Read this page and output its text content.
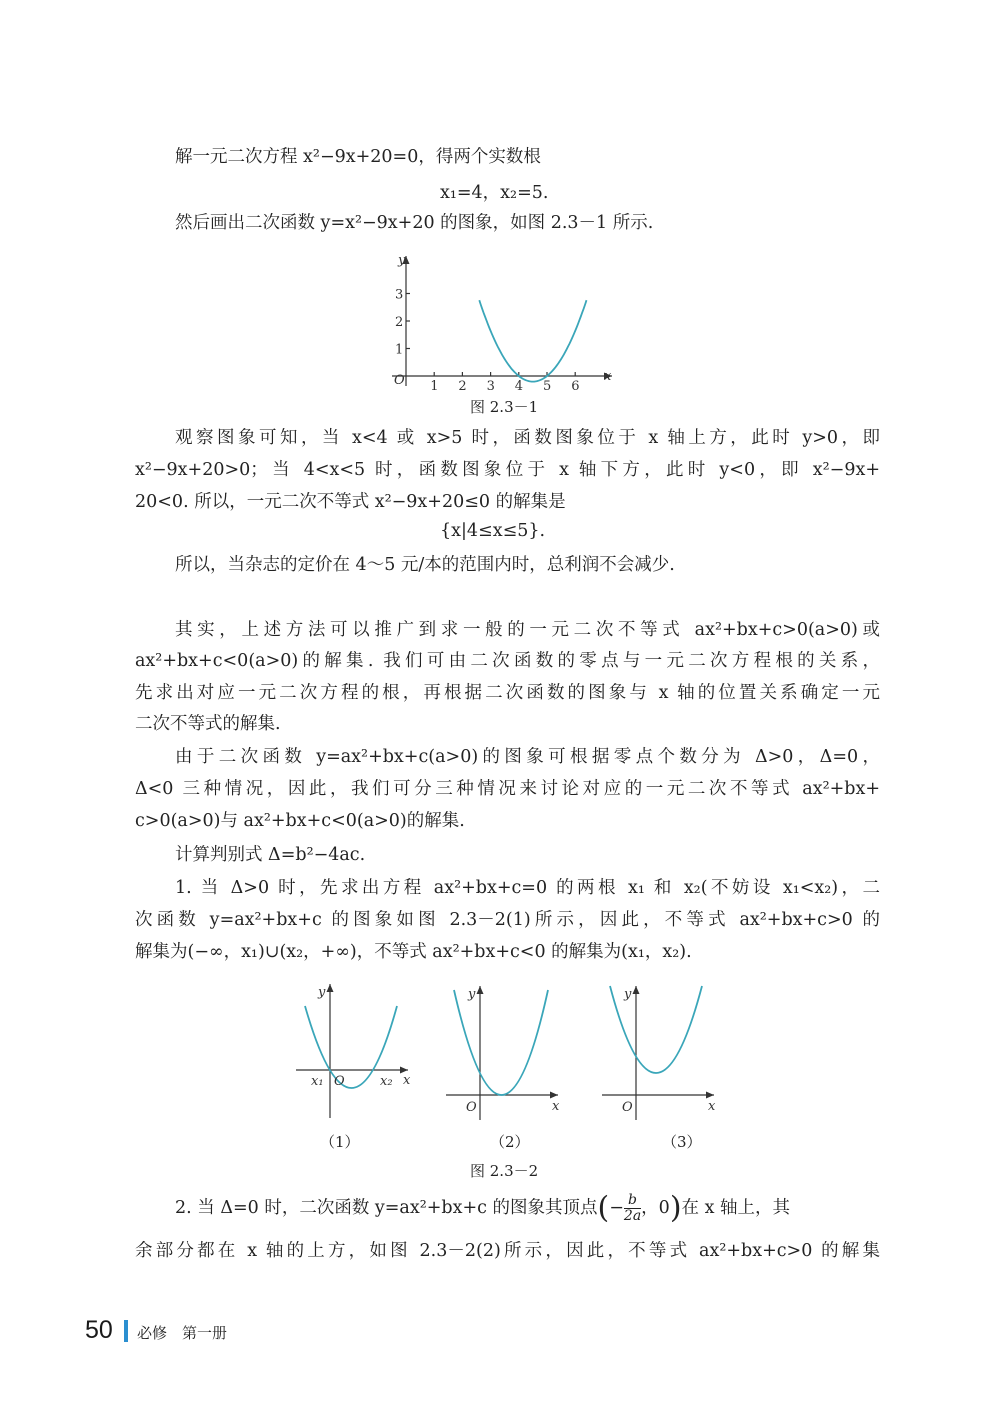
解一元二次方程 x²−9x+20=0，得两个实数根
x₁=4，x₂=5.
然后画出二次函数 y=x²−9x+20 的图象，如图 2.3－1 所示.
1 2 3 4 5 6
1
2
3
y
x
O
图 2.3－1
观察图象可知，当 x<4 或 x>5 时，函数图象位于 x 轴上方，此时 y>0，即
x²−9x+20>0；当 4<x<5 时，函数图象位于 x 轴下方，此时 y<0，即 x²−9x+
20<0. 所以，一元二次不等式 x²−9x+20≤0 的解集是
{x|4≤x≤5}.
所以，当杂志的定价在 4～5 元/本的范围内时，总利润不会减少.
其实，上述方法可以推广到求一般的一元二次不等式 ax²+bx+c>0(a>0)或
ax²+bx+c<0(a>0)的解集. 我们可由二次函数的零点与一元二次方程根的关系，
先求出对应一元二次方程的根，再根据二次函数的图象与 x 轴的位置关系确定一元
二次不等式的解集.
由于二次函数 y=ax²+bx+c(a>0)的图象可根据零点个数分为 Δ>0，Δ=0，
Δ<0 三种情况，因此，我们可分三种情况来讨论对应的一元二次不等式 ax²+bx+
c>0(a>0)与 ax²+bx+c<0(a>0)的解集.
计算判别式 Δ=b²−4ac.
1. 当 Δ>0 时，先求出方程 ax²+bx+c=0 的两根 x₁ 和 x₂(不妨设 x₁<x₂)，二
次函数 y=ax²+bx+c 的图象如图 2.3－2(1)所示，因此，不等式 ax²+bx+c>0 的
解集为(−∞，x₁)∪(x₂，+∞)，不等式 ax²+bx+c<0 的解集为(x₁，x₂).
y
x
O
x₁	x₂
y
x
O
y
x
O
（1）	（2）	（3）
图 2.3－2
2. 当 Δ=0 时，二次函数 y=ax²+bx+c 的图象其顶点(− $\frac{b}{2a}$ ，0)在 x 轴上，其
余部分都在 x 轴的上方，如图 2.3－2(2)所示，因此，不等式 ax²+bx+c>0 的解集
50 必修　第一册
